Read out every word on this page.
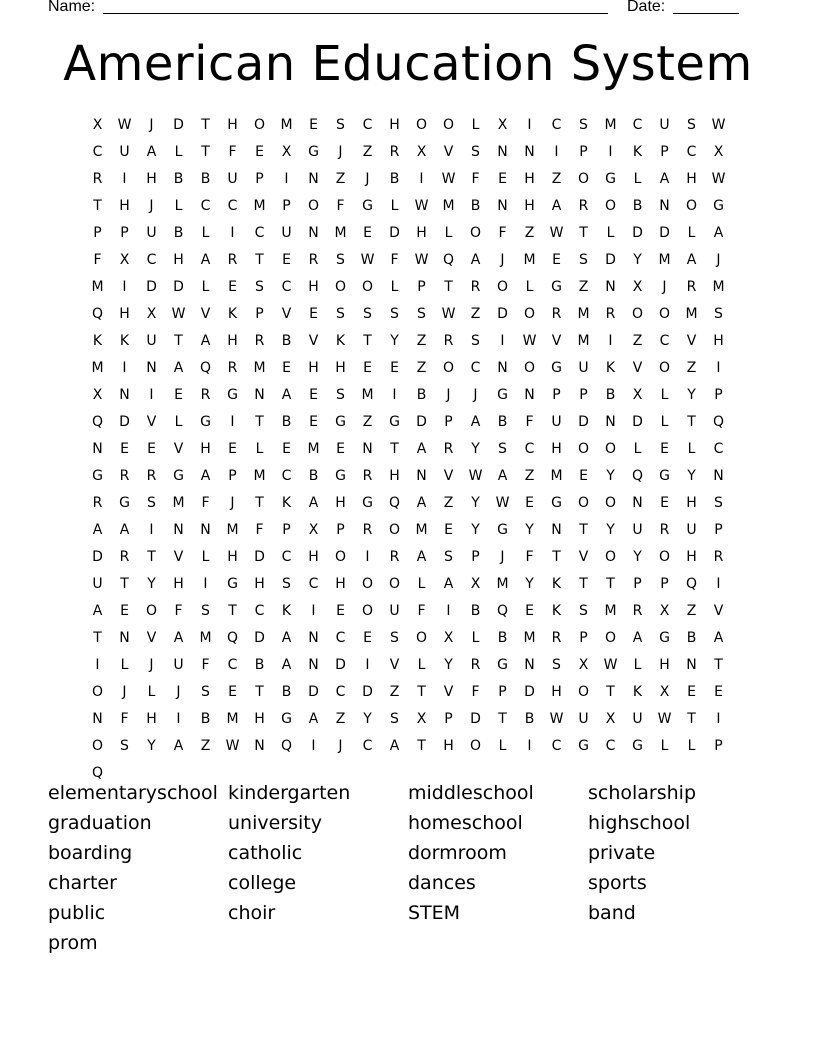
Name:	Date:
American Education System
X	W	J	D	T	H	O	M	E	S	C	H	O	O	L	X	I	C	S	M	C	U	S	W
C	U	A	L	T	F	E	X	G	J	Z	R	X	V	S	N	N	I	P	I	K	P	C	X
R	I	H	B	B	U	P	I	N	Z	J	B	I	W	F	E	H	Z	O	G	L	A	H	W
T	H	J	L	C	C	M	P	O	F	G	L	W	M	B	N	H	A	R	O	B	N	O	G
P	P	U	B	L	I	C	U	N	M	E	D	H	L	O	F	Z	W	T	L	D	D	L	A
F	X	C	H	A	R	T	E	R	S	W	F	W	Q	A	J	M	E	S	D	Y	M	A	J
M	I	D	D	L	E	S	C	H	O	O	L	P	T	R	O	L	G	Z	N	X	J	R	M
Q	H	X	W	V	K	P	V	E	S	S	S	S	W	Z	D	O	R	M	R	O	O	M	S
K	K	U	T	A	H	R	B	V	K	T	Y	Z	R	S	I	W	V	M	I	Z	C	V	H
M	I	N	A	Q	R	M	E	H	H	E	E	Z	O	C	N	O	G	U	K	V	O	Z	I
X	N	I	E	R	G	N	A	E	S	M	I	B	J	J	G	N	P	P	B	X	L	Y	P
Q	D	V	L	G	I	T	B	E	G	Z	G	D	P	A	B	F	U	D	N	D	L	T	Q
N	E	E	V	H	E	L	E	M	E	N	T	A	R	Y	S	C	H	O	O	L	E	L	C
G	R	R	G	A	P	M	C	B	G	R	H	N	V	W	A	Z	M	E	Y	Q	G	Y	N
R	G	S	M	F	J	T	K	A	H	G	Q	A	Z	Y	W	E	G	O	O	N	E	H	S
A	A	I	N	N	M	F	P	X	P	R	O	M	E	Y	G	Y	N	T	Y	U	R	U	P
D	R	T	V	L	H	D	C	H	O	I	R	A	S	P	J	F	T	V	O	Y	O	H	R
U	T	Y	H	I	G	H	S	C	H	O	O	L	A	X	M	Y	K	T	T	P	P	Q	I
A	E	O	F	S	T	C	K	I	E	O	U	F	I	B	Q	E	K	S	M	R	X	Z	V
T	N	V	A	M	Q	D	A	N	C	E	S	O	X	L	B	M	R	P	O	A	G	B	A
I	L	J	U	F	C	B	A	N	D	I	V	L	Y	R	G	N	S	X	W	L	H	N	T
O	J	L	J	S	E	T	B	D	C	D	Z	T	V	F	P	D	H	O	T	K	X	E	E
N	F	H	I	B	M	H	G	A	Z	Y	S	X	P	D	T	B	W	U	X	U	W	T	I
O	S	Y	A	Z	W	N	Q	I	J	C	A	T	H	O	L	I	C	G	C	G	L	L	P
Q
elementaryschool kindergarten	middleschool	scholarship
graduation	university	homeschool	highschool
boarding	catholic	dormroom	private
charter	college	dances	sports
public	choir	STEM	band
prom
